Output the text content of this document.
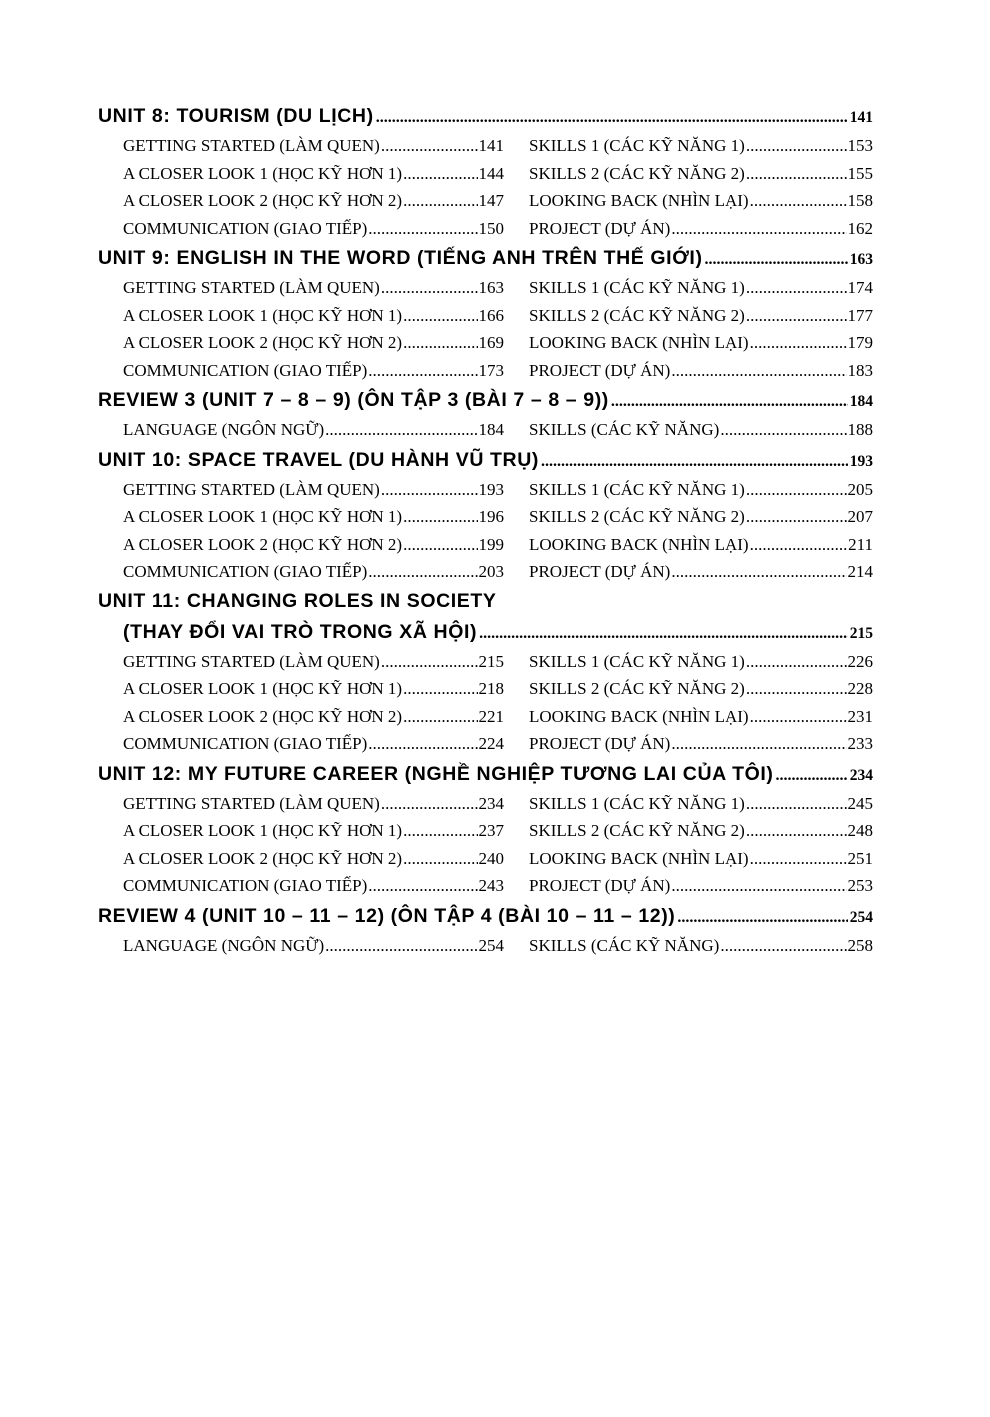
UNIT 8: TOURISM (DU LỊCH) .....	141
GETTING STARTED (LÀM QUEN) .....	141 SKILLS 1 (CÁC KỸ NĂNG 1) .....	153
A CLOSER LOOK 1 (HỌC KỸ HƠN 1) .....	144 SKILLS 2 (CÁC KỸ NĂNG 2) .....	155
A CLOSER LOOK 2 (HỌC KỸ HƠN 2) .....	147 LOOKING BACK (NHÌN LẠI) .....	158
COMMUNICATION (GIAO TIẾP) .....	150 PROJECT (DỰ ÁN) .....	162
UNIT 9: ENGLISH IN THE WORD (TIẾNG ANH TRÊN THẾ GIỚI) .....	163
GETTING STARTED (LÀM QUEN) .....	163 SKILLS 1 (CÁC KỸ NĂNG 1) .....	174
A CLOSER LOOK 1 (HỌC KỸ HƠN 1) .....	166 SKILLS 2 (CÁC KỸ NĂNG 2) .....	177
A CLOSER LOOK 2 (HỌC KỸ HƠN 2) .....	169 LOOKING BACK (NHÌN LẠI) .....	179
COMMUNICATION (GIAO TIẾP) .....	173 PROJECT (DỰ ÁN) .....	183
REVIEW 3 (UNIT 7 – 8 – 9) (ÔN TẬP 3 (BÀI 7 – 8 – 9)) .....	184
LANGUAGE (NGÔN NGỮ) .....	184 SKILLS (CÁC KỸ NĂNG) .....	188
UNIT 10: SPACE TRAVEL (DU HÀNH VŨ TRỤ) .....	193
GETTING STARTED (LÀM QUEN) .....	193 SKILLS 1 (CÁC KỸ NĂNG 1) .....	205
A CLOSER LOOK 1 (HỌC KỸ HƠN 1) .....	196 SKILLS 2 (CÁC KỸ NĂNG 2) .....	207
A CLOSER LOOK 2 (HỌC KỸ HƠN 2) .....	199 LOOKING BACK (NHÌN LẠI) .....	211
COMMUNICATION (GIAO TIẾP) .....	203 PROJECT (DỰ ÁN) .....	214
UNIT 11: CHANGING ROLES IN SOCIETY
(THAY ĐỔI VAI TRÒ TRONG XÃ HỘI) .....	215
GETTING STARTED (LÀM QUEN) .....	215 SKILLS 1 (CÁC KỸ NĂNG 1) .....	226
A CLOSER LOOK 1 (HỌC KỸ HƠN 1) .....	218 SKILLS 2 (CÁC KỸ NĂNG 2) .....	228
A CLOSER LOOK 2 (HỌC KỸ HƠN 2) .....	221 LOOKING BACK (NHÌN LẠI) .....	231
COMMUNICATION (GIAO TIẾP) .....	224 PROJECT (DỰ ÁN) .....	233
UNIT 12: MY FUTURE CAREER (NGHỀ NGHIỆP TƯƠNG LAI CỦA TÔI) .....	234
GETTING STARTED (LÀM QUEN) .....	234 SKILLS 1 (CÁC KỸ NĂNG 1) .....	245
A CLOSER LOOK 1 (HỌC KỸ HƠN 1) .....	237 SKILLS 2 (CÁC KỸ NĂNG 2) .....	248
A CLOSER LOOK 2 (HỌC KỸ HƠN 2) .....	240 LOOKING BACK (NHÌN LẠI) .....	251
COMMUNICATION (GIAO TIẾP) .....	243 PROJECT (DỰ ÁN) .....	253
REVIEW 4 (UNIT 10 – 11 – 12) (ÔN TẬP 4 (BÀI 10 – 11 – 12)) .....	254
LANGUAGE (NGÔN NGỮ) .....	254 SKILLS (CÁC KỸ NĂNG) .....	258
